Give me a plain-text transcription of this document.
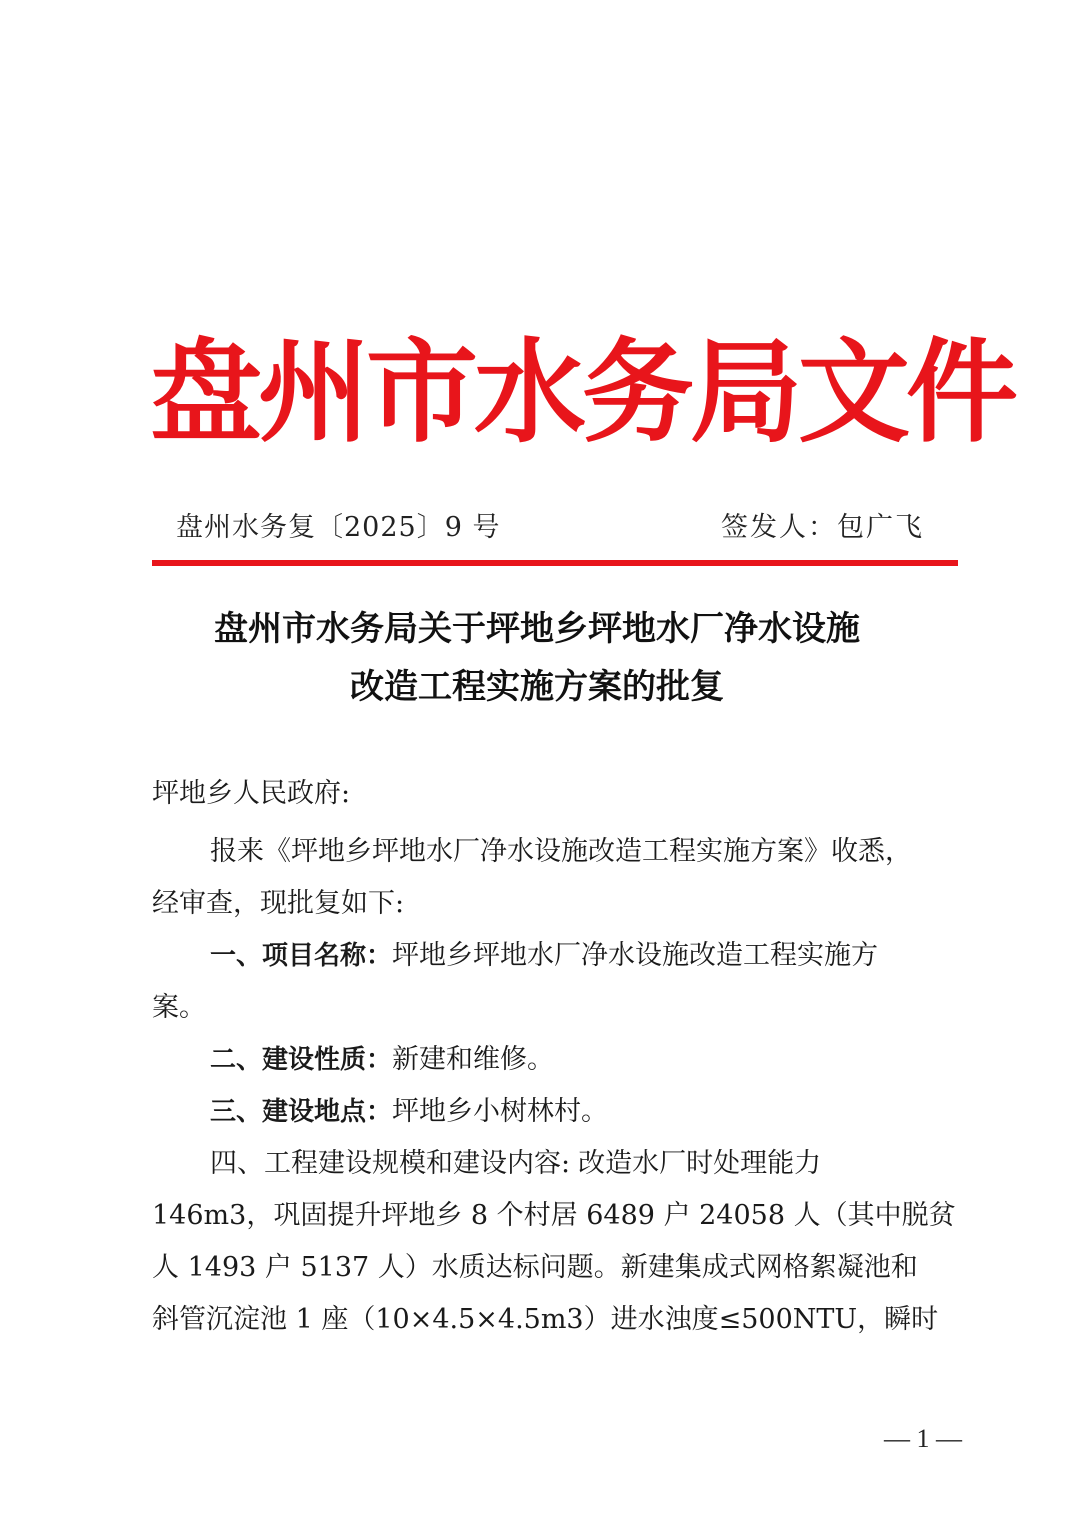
盘州市水务局文件
盘州水务复〔2025〕9 号	签发人：包广飞
盘州市水务局关于坪地乡坪地水厂净水设施
改造工程实施方案的批复
坪地乡人民政府:
报来《坪地乡坪地水厂净水设施改造工程实施方案》收悉，
经审查，现批复如下:
一、项目名称：坪地乡坪地水厂净水设施改造工程实施方
案。
二、建设性质：新建和维修。
三、建设地点：坪地乡小树林村。
四、工程建设规模和建设内容: 改造水厂时处理能力
146m3，巩固提升坪地乡 8 个村居 6489 户 24058 人（其中脱贫
人 1493 户 5137 人）水质达标问题。新建集成式网格絮凝池和
斜管沉淀池 1 座（10×4.5×4.5m3）进水浊度≤500NTU，瞬时
— 1 —
